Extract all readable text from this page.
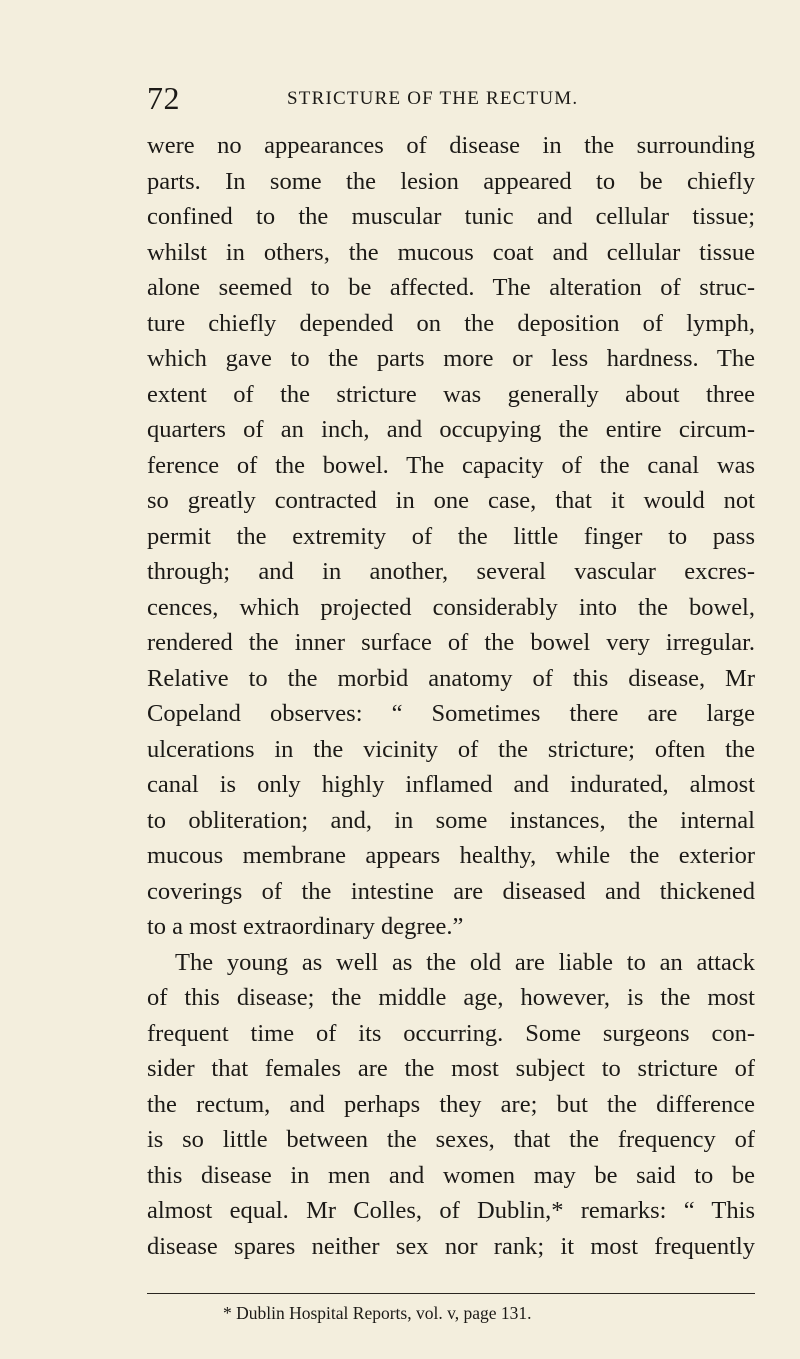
72	STRICTURE OF THE RECTUM.
were no appearances of disease in the surrounding
parts. In some the lesion appeared to be chiefly
confined to the muscular tunic and cellular tissue;
whilst in others, the mucous coat and cellular tissue
alone seemed to be affected. The alteration of struc-
ture chiefly depended on the deposition of lymph,
which gave to the parts more or less hardness. The
extent of the stricture was generally about three
quarters of an inch, and occupying the entire circum-
ference of the bowel. The capacity of the canal was
so greatly contracted in one case, that it would not
permit the extremity of the little finger to pass
through; and in another, several vascular excres-
cences, which projected considerably into the bowel,
rendered the inner surface of the bowel very irregular.
Relative to the morbid anatomy of this disease, Mr
Copeland observes: “ Sometimes there are large
ulcerations in the vicinity of the stricture; often the
canal is only highly inflamed and indurated, almost
to obliteration; and, in some instances, the internal
mucous membrane appears healthy, while the exterior
coverings of the intestine are diseased and thickened
to a most extraordinary degree.”
The young as well as the old are liable to an attack
of this disease; the middle age, however, is the most
frequent time of its occurring. Some surgeons con-
sider that females are the most subject to stricture of
the rectum, and perhaps they are; but the difference
is so little between the sexes, that the frequency of
this disease in men and women may be said to be
almost equal. Mr Colles, of Dublin,* remarks: “ This
disease spares neither sex nor rank; it most frequently
* Dublin Hospital Reports, vol. v, page 131.
